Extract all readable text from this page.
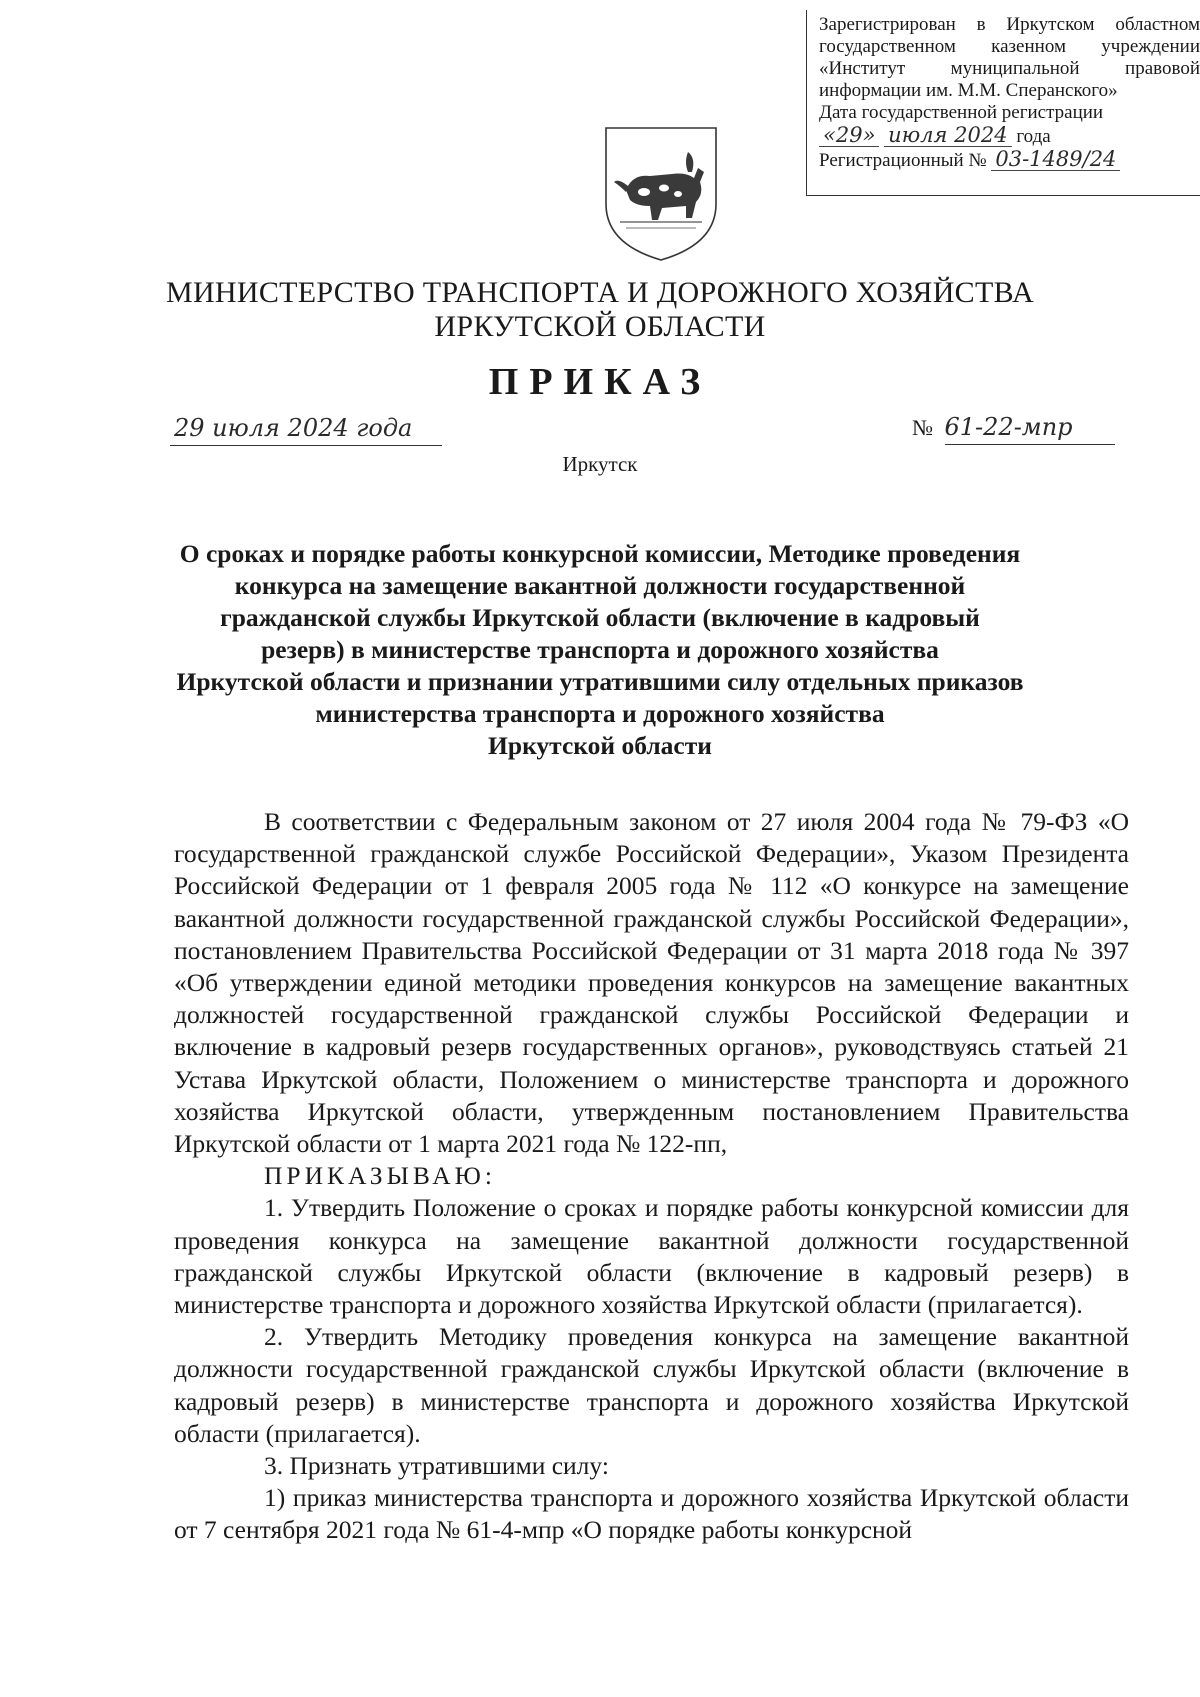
Зарегистрирован в Иркутском областном
государственном казенном учреждении
«Институт муниципальной правовой
информации им. М.М. Сперанского»
Дата государственной регистрации
«29» июля 2024 года
Регистрационный № 03-1489/24
МИНИСТЕРСТВО ТРАНСПОРТА И ДОРОЖНОГО ХОЗЯЙСТВА
ИРКУТСКОЙ ОБЛАСТИ
ПРИКАЗ
29 июля 2024 года	№ 61-22-мпр
Иркутск
О сроках и порядке работы конкурсной комиссии, Методике проведения
конкурса на замещение вакантной должности государственной
гражданской службы Иркутской области (включение в кадровый
резерв) в министерстве транспорта и дорожного хозяйства
Иркутской области и признании утратившими силу отдельных приказов
министерства транспорта и дорожного хозяйства
Иркутской области
В соответствии с Федеральным законом от 27 июля 2004 года № 79-ФЗ «О государственной гражданской службе Российской Федерации», Указом Президента Российской Федерации от 1 февраля 2005 года № 112 «О конкурсе на замещение вакантной должности государственной гражданской службы Российской Федерации», постановлением Правительства Российской Федерации от 31 марта 2018 года № 397 «Об утверждении единой методики проведения конкурсов на замещение вакантных должностей государственной гражданской службы Российской Федерации и включение в кадровый резерв государственных органов», руководствуясь статьей 21 Устава Иркутской области, Положением о министерстве транспорта и дорожного хозяйства Иркутской области, утвержденным постановлением Правительства Иркутской области от 1 марта 2021 года № 122-пп,
ПРИКАЗЫВАЮ:
1. Утвердить Положение о сроках и порядке работы конкурсной комиссии для проведения конкурса на замещение вакантной должности государственной гражданской службы Иркутской области (включение в кадровый резерв) в министерстве транспорта и дорожного хозяйства Иркутской области (прилагается).
2. Утвердить Методику проведения конкурса на замещение вакантной должности государственной гражданской службы Иркутской области (включение в кадровый резерв) в министерстве транспорта и дорожного хозяйства Иркутской области (прилагается).
3. Признать утратившими силу:
1) приказ министерства транспорта и дорожного хозяйства Иркутской области от 7 сентября 2021 года № 61-4-мпр «О порядке работы конкурсной
